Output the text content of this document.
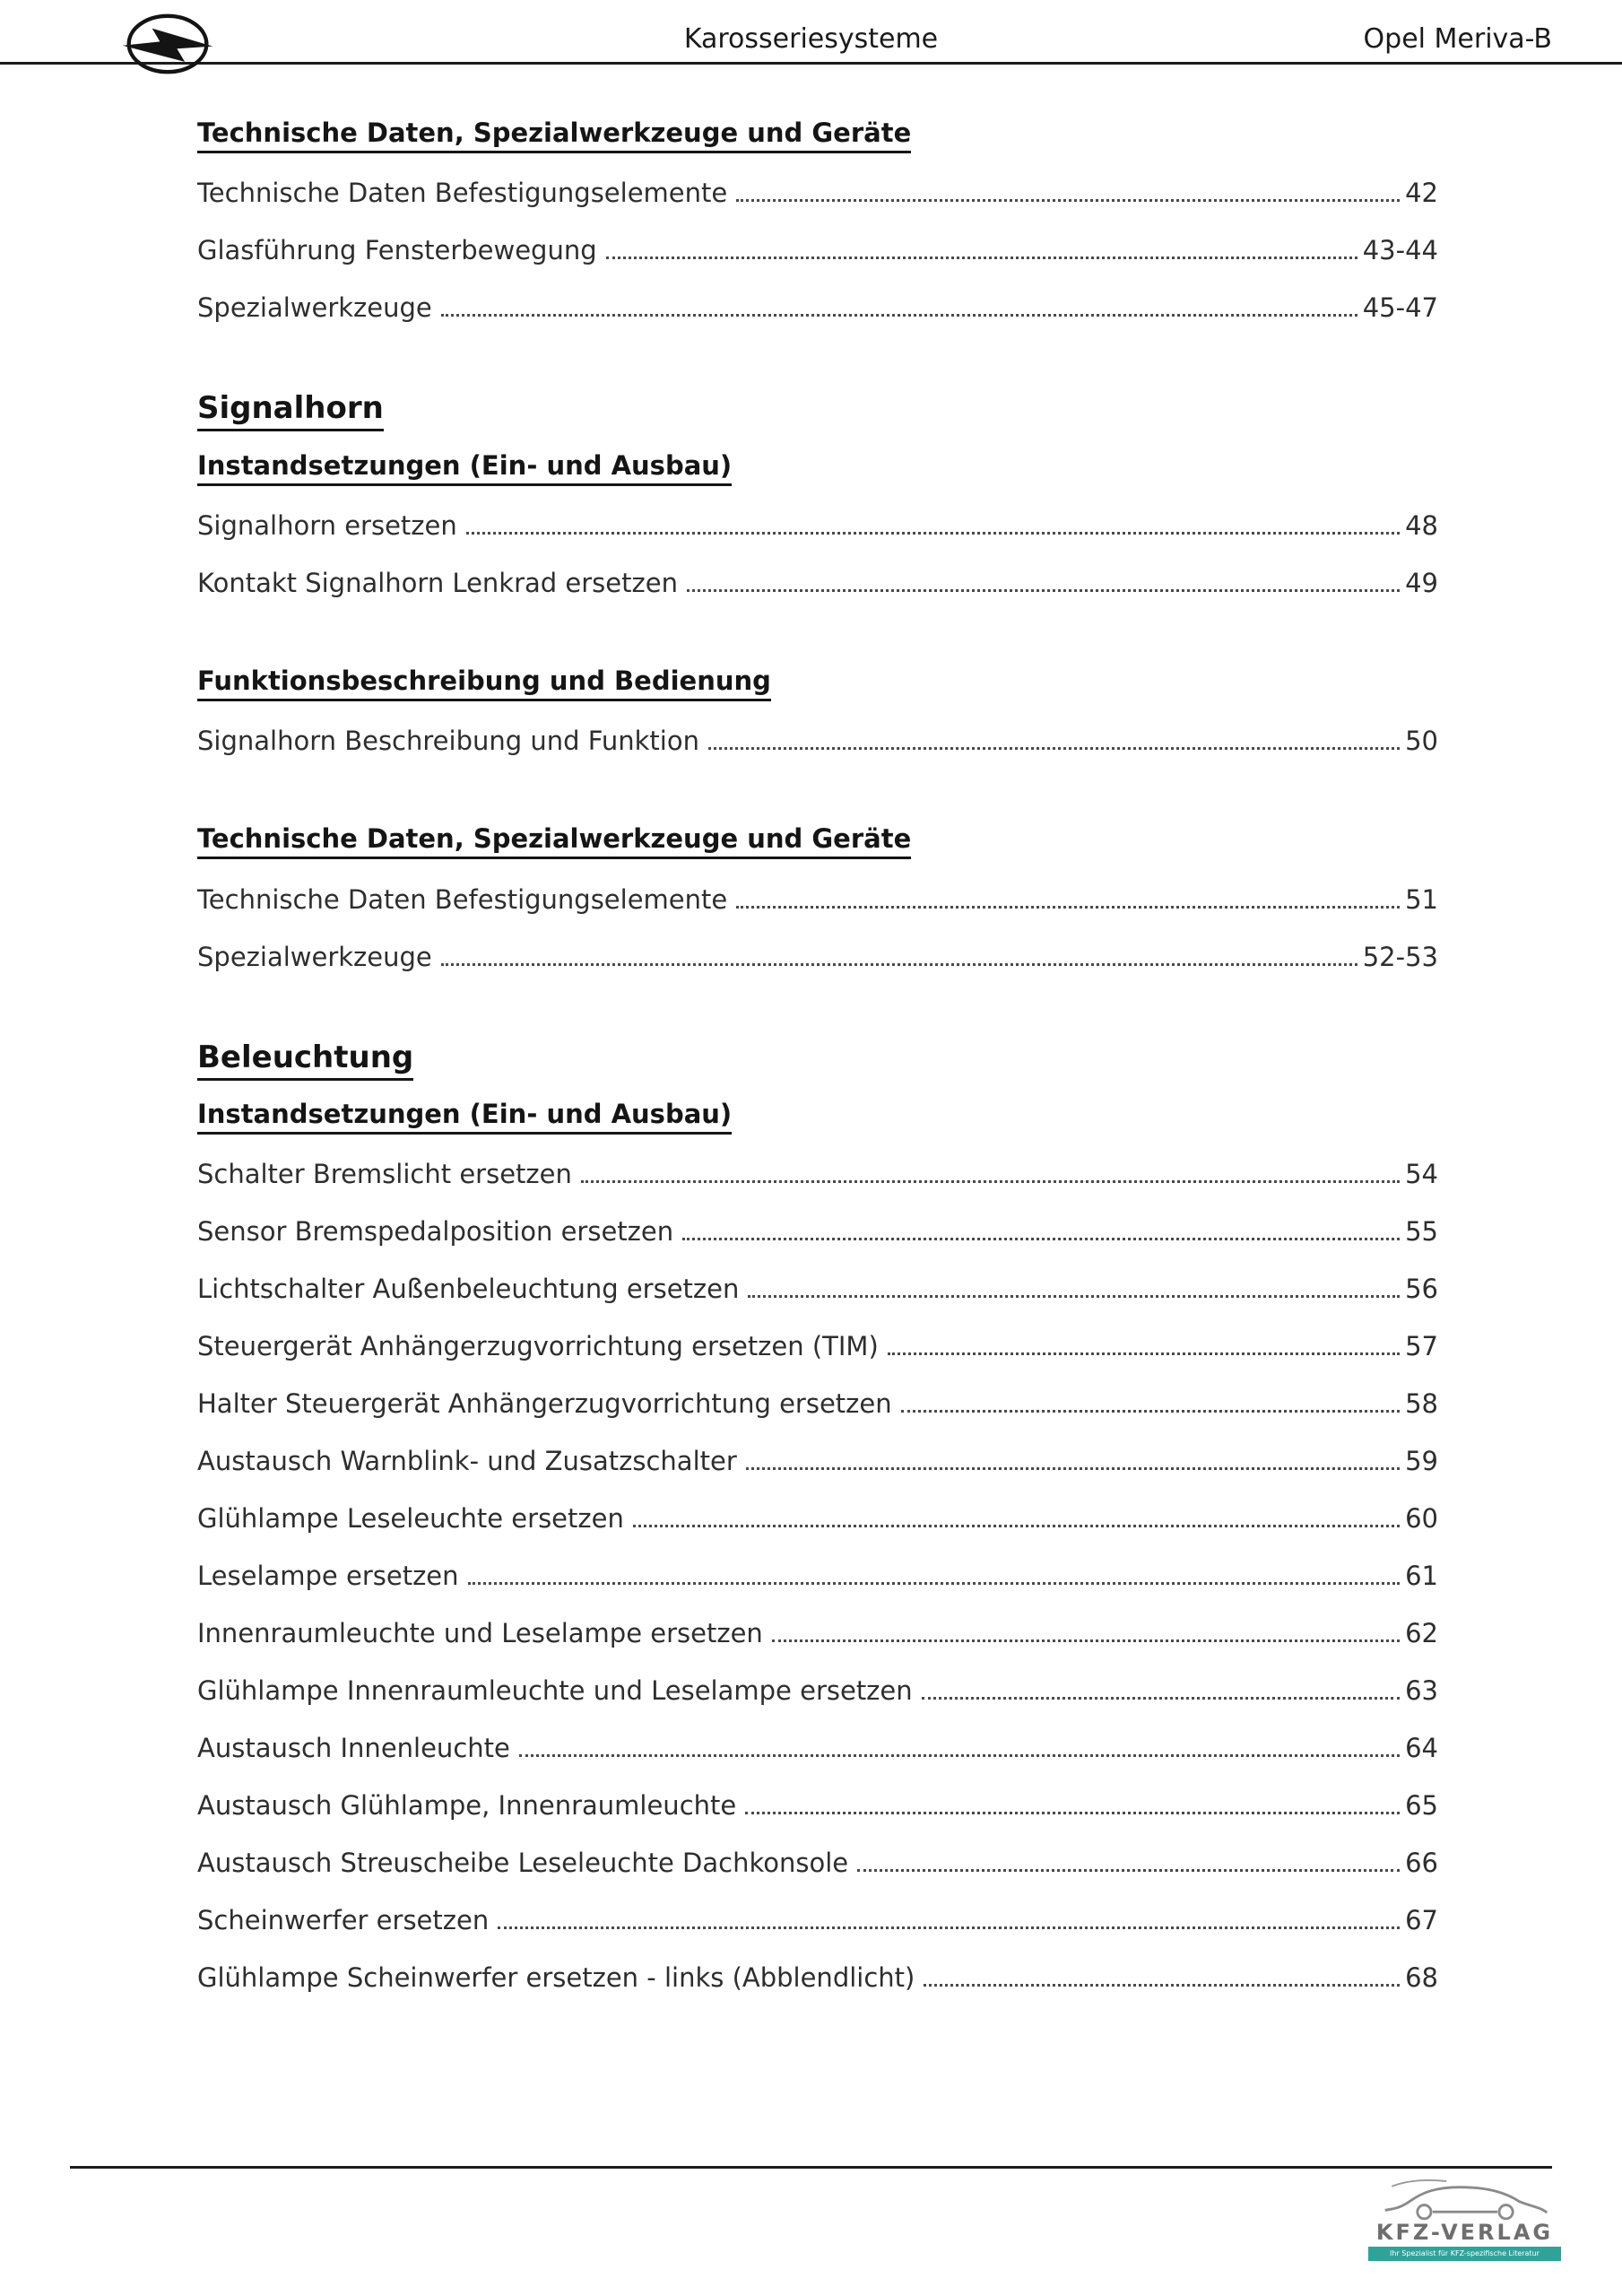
Karosseriesysteme	Opel Meriva-B
Technische Daten, Spezialwerkzeuge und Geräte
Technische Daten Befestigungselemente	42
Glasführung Fensterbewegung	43-44
Spezialwerkzeuge	45-47
Signalhorn
Instandsetzungen (Ein- und Ausbau)
Signalhorn ersetzen	48
Kontakt Signalhorn Lenkrad ersetzen	49
Funktionsbeschreibung und Bedienung
Signalhorn Beschreibung und Funktion	50
Technische Daten, Spezialwerkzeuge und Geräte
Technische Daten Befestigungselemente	51
Spezialwerkzeuge	52-53
Beleuchtung
Instandsetzungen (Ein- und Ausbau)
Schalter Bremslicht ersetzen	54
Sensor Bremspedalposition ersetzen	55
Lichtschalter Außenbeleuchtung ersetzen	56
Steuergerät Anhängerzugvorrichtung ersetzen (TIM)	57
Halter Steuergerät Anhängerzugvorrichtung ersetzen	58
Austausch Warnblink- und Zusatzschalter	59
Glühlampe Leseleuchte ersetzen	60
Leselampe ersetzen	61
Innenraumleuchte und Leselampe ersetzen	62
Glühlampe Innenraumleuchte und Leselampe ersetzen	63
Austausch Innenleuchte	64
Austausch Glühlampe, Innenraumleuchte	65
Austausch Streuscheibe Leseleuchte Dachkonsole	66
Scheinwerfer ersetzen	67
Glühlampe Scheinwerfer ersetzen - links (Abblendlicht)	68
KFZ-VERLAG
Ihr Spezialist für KFZ-spezifische Literatur
